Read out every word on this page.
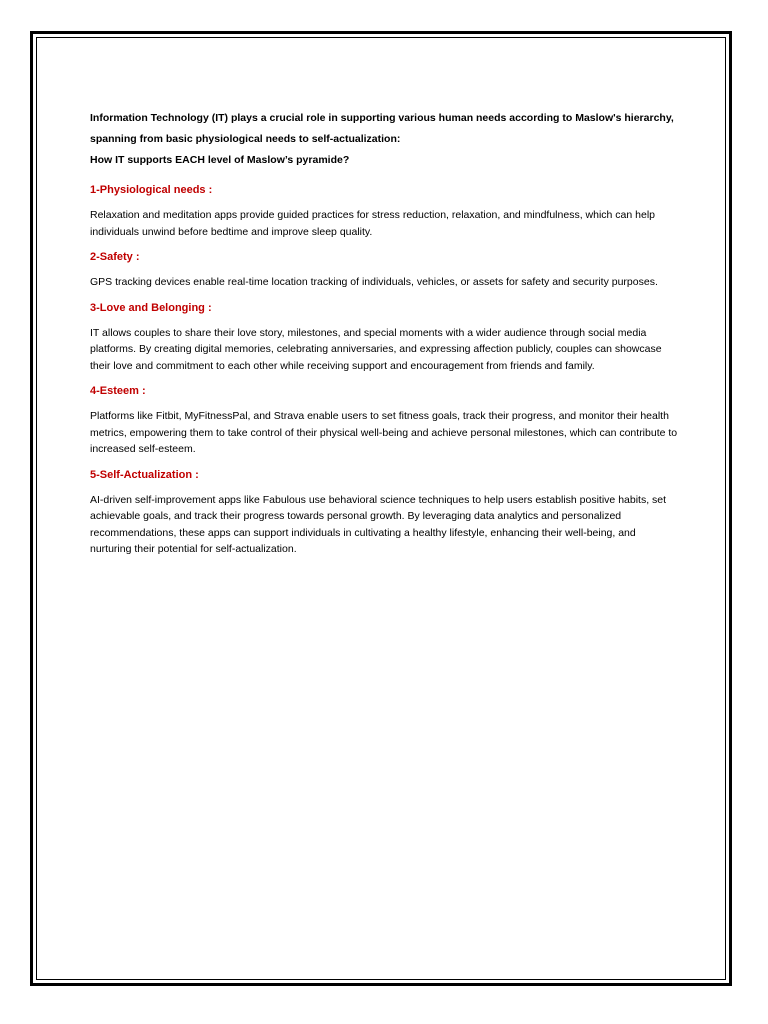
Information Technology (IT) plays a crucial role in supporting various human needs according to Maslow's hierarchy, spanning from basic physiological needs to self-actualization:

How IT supports EACH level of Maslow’s pyramide?

1-Physiological needs :

Relaxation and meditation apps provide guided practices for stress reduction, relaxation, and mindfulness, which can help individuals unwind before bedtime and improve sleep quality.

2-Safety :

GPS tracking devices enable real-time location tracking of individuals, vehicles, or assets for safety and security purposes.

3-Love and Belonging :

IT allows couples to share their love story, milestones, and special moments with a wider audience through social media platforms. By creating digital memories, celebrating anniversaries, and expressing affection publicly, couples can showcase their love and commitment to each other while receiving support and encouragement from friends and family.

4-Esteem :

Platforms like Fitbit, MyFitnessPal, and Strava enable users to set fitness goals, track their progress, and monitor their health metrics, empowering them to take control of their physical well-being and achieve personal milestones, which can contribute to increased self-esteem.

5-Self-Actualization :

AI-driven self-improvement apps like Fabulous use behavioral science techniques to help users establish positive habits, set achievable goals, and track their progress towards personal growth. By leveraging data analytics and personalized recommendations, these apps can support individuals in cultivating a healthy lifestyle, enhancing their well-being, and nurturing their potential for self-actualization.
